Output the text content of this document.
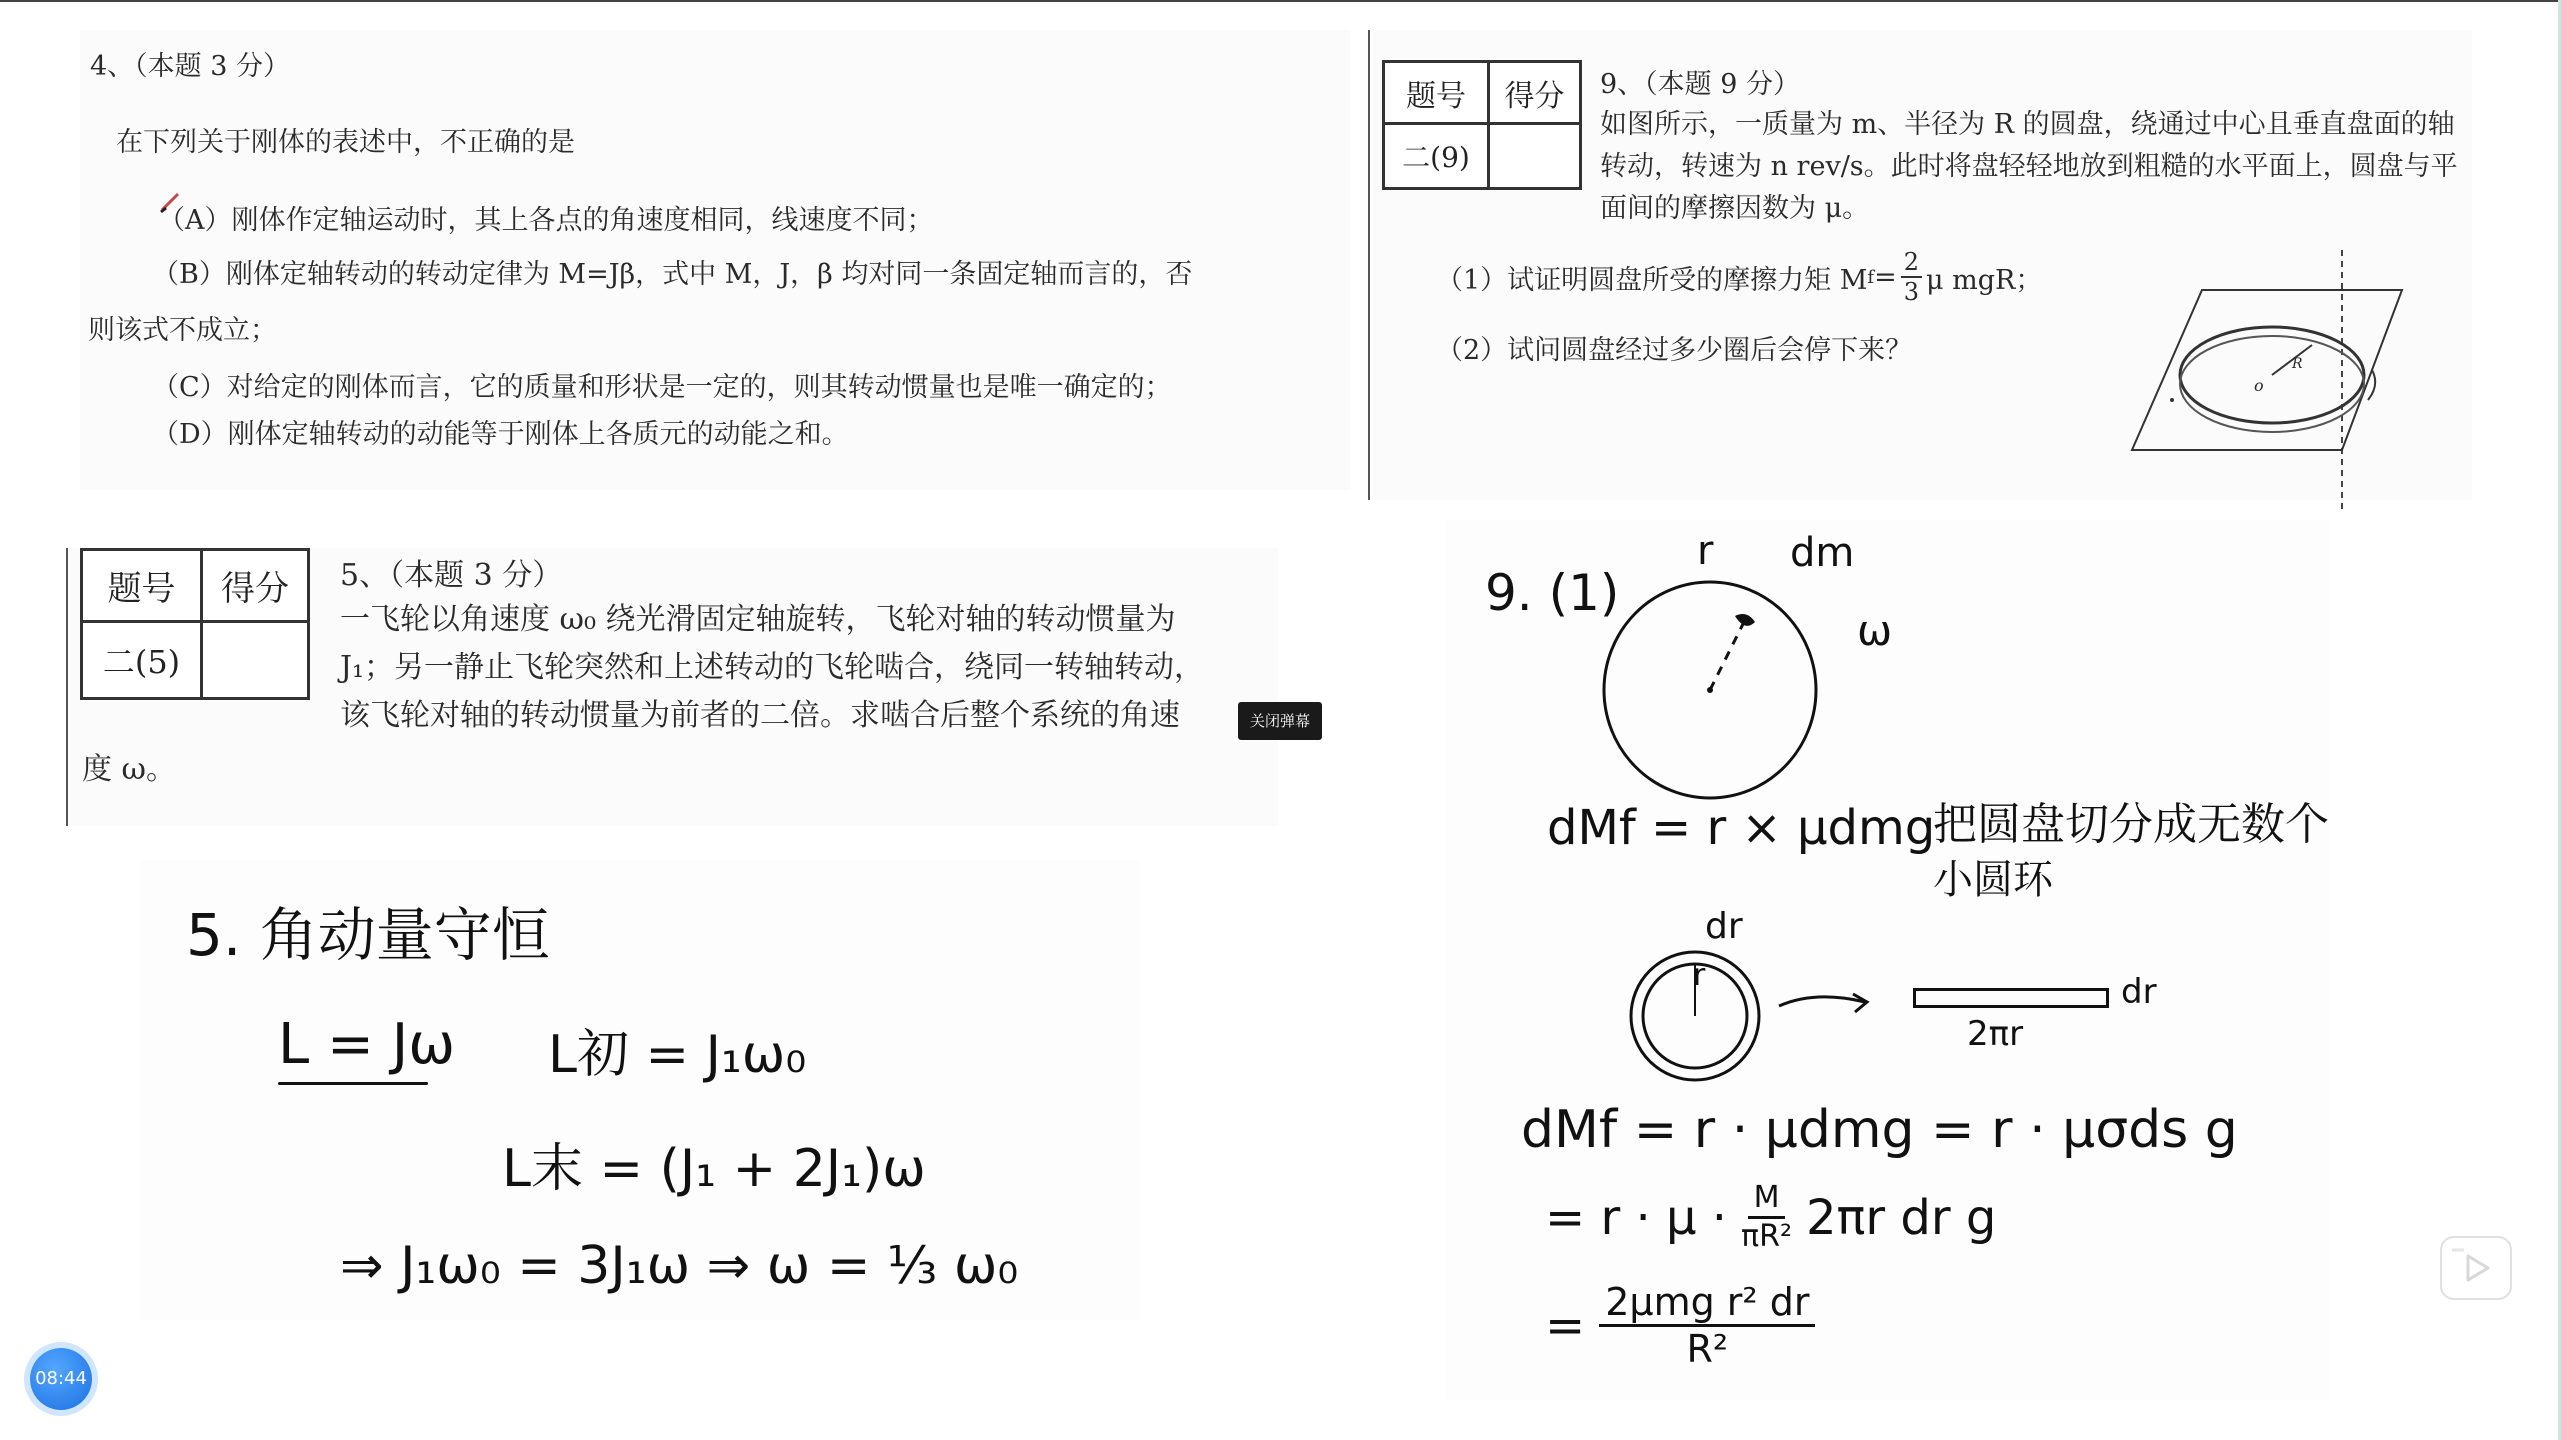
4、（本题 3 分）
在下列关于刚体的表述中，不正确的是
（A）刚体作定轴运动时，其上各点的角速度相同，线速度不同；
（B）刚体定轴转动的转动定律为 M=Jβ，式中 M，J，β 均对同一条固定轴而言的，否
则该式不成立；
（C）对给定的刚体而言，它的质量和形状是一定的，则其转动惯量也是唯一确定的；
（D）刚体定轴转动的动能等于刚体上各质元的动能之和。
题号	得分
二(9)	
9、（本题 9 分）
如图所示，一质量为 m、半径为 R 的圆盘，绕通过中心且垂直盘面的轴
转动，转速为 n rev/s。此时将盘轻轻地放到粗糙的水平面上，圆盘与平
面间的摩擦因数为 μ。
（1）试证明圆盘所受的摩擦力矩 M $f = \frac{2}{3}$ μ mgR；
（2）试问圆盘经过多少圈后会停下来？
o
R
题号	得分
二(5)	
5、（本题 3 分）
一飞轮以角速度 ω₀ 绕光滑固定轴旋转，飞轮对轴的转动惯量为
J₁；另一静止飞轮突然和上述转动的飞轮啮合，绕同一转轴转动，
该飞轮对轴的转动惯量为前者的二倍。求啮合后整个系统的角速
度 ω。
关闭弹幕
5. 角动量守恒
L = Jω L初 = J₁ω₀
L末 = (J₁ + 2J₁)ω
⇒ J₁ω₀ = 3J₁ω ⇒ ω = ⅓ ω₀
9. (1)
r dm
ω
dMf = r × μdmg
把圆盘切分成无数个
小圆环
dr
r	dr
2πr
dMf = r · μdmg = r · μσds g
= $r \cdot \mu \cdot \frac{M}{\text{πR²}} 2\pi r$ dr g
= 2μmg r² dr
R²
08:44
